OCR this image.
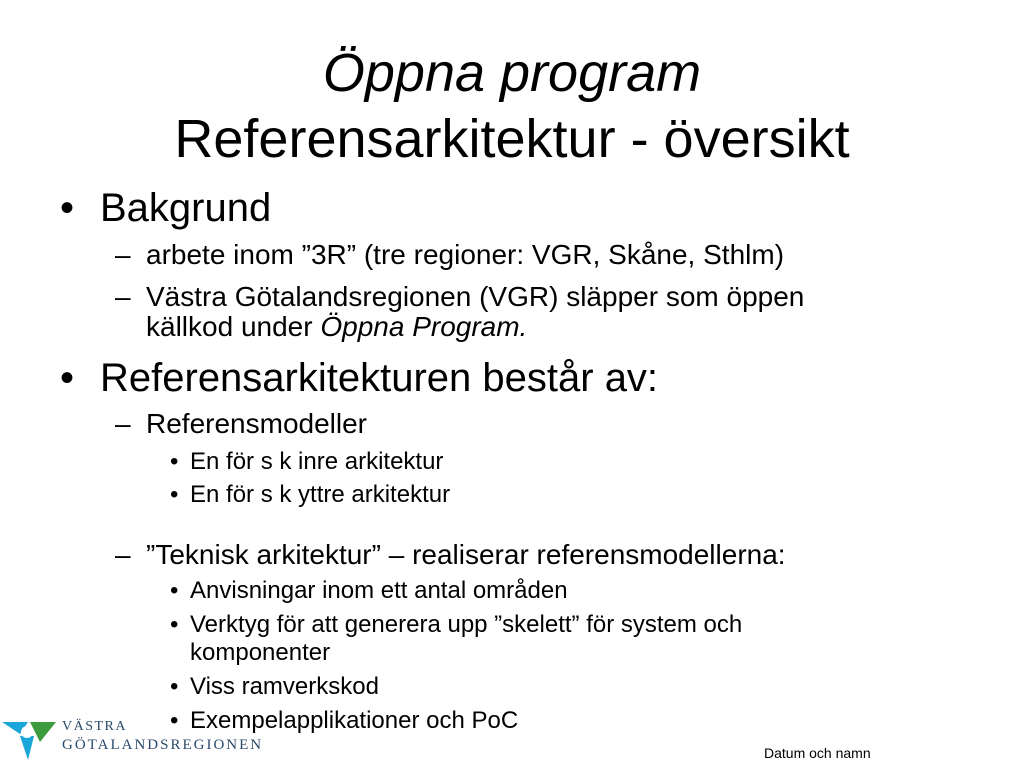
Öppna program
Referensarkitektur - översikt
• Bakgrund
– arbete inom ”3R” (tre regioner: VGR, Skåne, Sthlm)
– Västra Götalandsregionen (VGR) släpper som öppen
källkod under Öppna Program.
• Referensarkitekturen består av:
– Referensmodeller
• En för s k inre arkitektur
• En för s k yttre arkitektur
– ”Teknisk arkitektur” – realiserar referensmodellerna:
• Anvisningar inom ett antal områden
• Verktyg för att generera upp ”skelett” för system och
komponenter
• Viss ramverkskod
• Exempelapplikationer och PoC
VÄSTRA
GÖTALANDSREGIONEN	Datum och namn
